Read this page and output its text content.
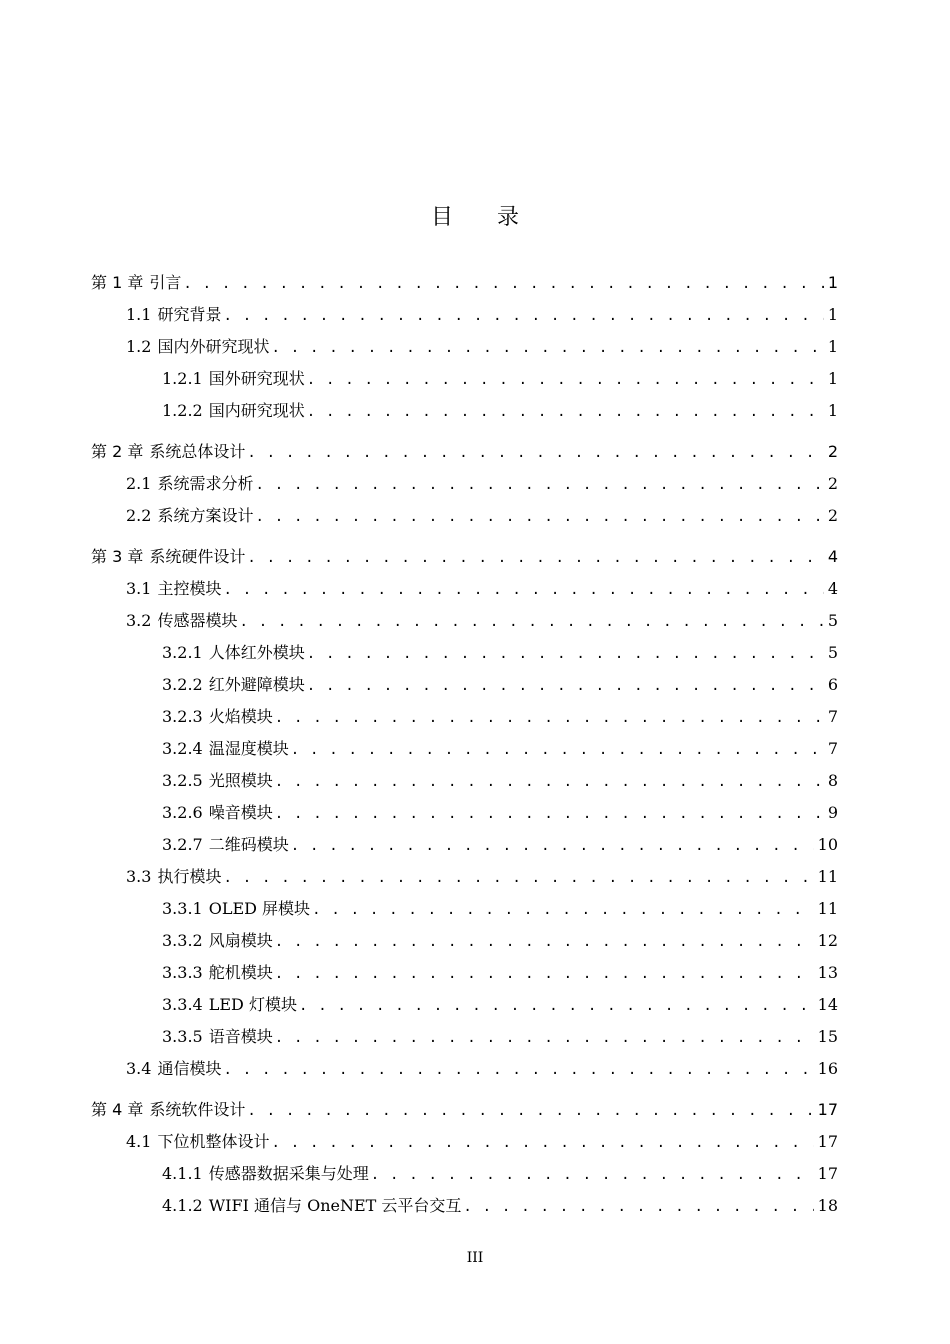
目 录
第 1 章 引言 . . .	1
1.1 研究背景 . . .	1
1.2 国内外研究现状 . . .	1
1.2.1 国外研究现状 . . .	1
1.2.2 国内研究现状 . . .	1
第 2 章 系统总体设计 . . .	2
2.1 系统需求分析 . . .	2
2.2 系统方案设计 . . .	2
第 3 章 系统硬件设计 . . .	4
3.1 主控模块 . . .	4
3.2 传感器模块 . . .	5
3.2.1 人体红外模块 . . .	5
3.2.2 红外避障模块 . . .	6
3.2.3 火焰模块 . . .	7
3.2.4 温湿度模块 . . .	7
3.2.5 光照模块 . . .	8
3.2.6 噪音模块 . . .	9
3.2.7 二维码模块 . . .	10
3.3 执行模块 . . .	11
3.3.1 OLED 屏模块 . . .	11
3.3.2 风扇模块 . . .	12
3.3.3 舵机模块 . . .	13
3.3.4 LED 灯模块 . . .	14
3.3.5 语音模块 . . .	15
3.4 通信模块 . . .	16
第 4 章 系统软件设计 . . .	17
4.1 下位机整体设计 . . .	17
4.1.1 传感器数据采集与处理 . . .	17
4.1.2 WIFI 通信与 OneNET 云平台交互 . . .	18
III
